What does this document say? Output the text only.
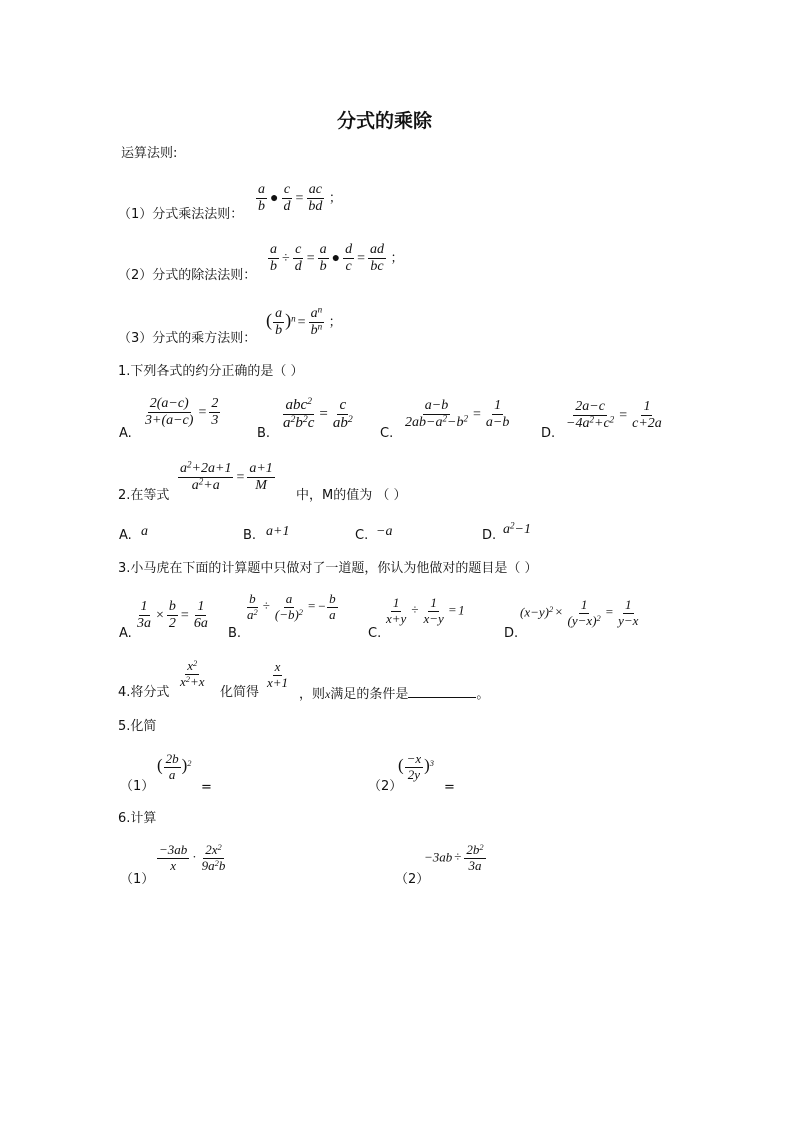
分式的乘除
运算法则:
（1）分式乘法法则： $\frac{a}{b}$ ● $\frac{c}{d} = \frac{ac}{bd}$ ；
（2）分式的除法法则：
$\frac{a}{b} \div \frac{c}{d} = \frac{a}{b}$ ● $\frac{d}{c} = \frac{ad}{bc}$ ；
（3）分式的乘方法则：
( $\frac{a}{b} )^n = \frac{a^n}{b^n}$ ；
1.下列各式的约分正确的是（ ）
A.
$\frac{2(a-c)}{3+(a-c)} = \frac{2}{3}$
B.
$\frac{abc^2}{a^2b^2c} = \frac{c}{ab^2}$
C.
$\frac{a-b}{2ab-a^2-b^2} = \frac{1}{a-b}$
D.
$\frac{2a-c}{-4a^2+c^2} = \frac{1}{c+2a}$
2.在等式
$\frac{a^2+2a+1}{a^2+a} = \frac{a+1}{M}$
中，M的值为 （ ）
A. a	B. a+1	C. −a	D. $a^2-1$
3.小马虎在下面的计算题中只做对了一道题，你认为他做对的题目是（ ）
A.
$\frac{1}{3a} \times \frac{b}{2} = \frac{1}{6a}$
B.
$\frac{b}{a^2} \div \frac{a}{(-b)^2}$ = − $\frac{b}{a}$
C.
$\frac{1}{x+y} \div \frac{1}{x-y} = 1$
D.
$(x-y)^2 \times \frac{1}{(y-x)^2} = \frac{1}{y-x}$
4.将分式
$\frac{x^2}{x^2+x}$
化简得
$\frac{x}{x+1}$
，则x满足的条件是	。
5.化简
（1）
( $\frac{2b}{a} )^2$
=	（2）
( $\frac{-x}{2y} )^3$
=
6.计算
（1）
$\frac{-3ab}{x} \cdot \frac{2x^2}{9a^2b}$
（2）
$-3ab \div \frac{2b^2}{3a}$
